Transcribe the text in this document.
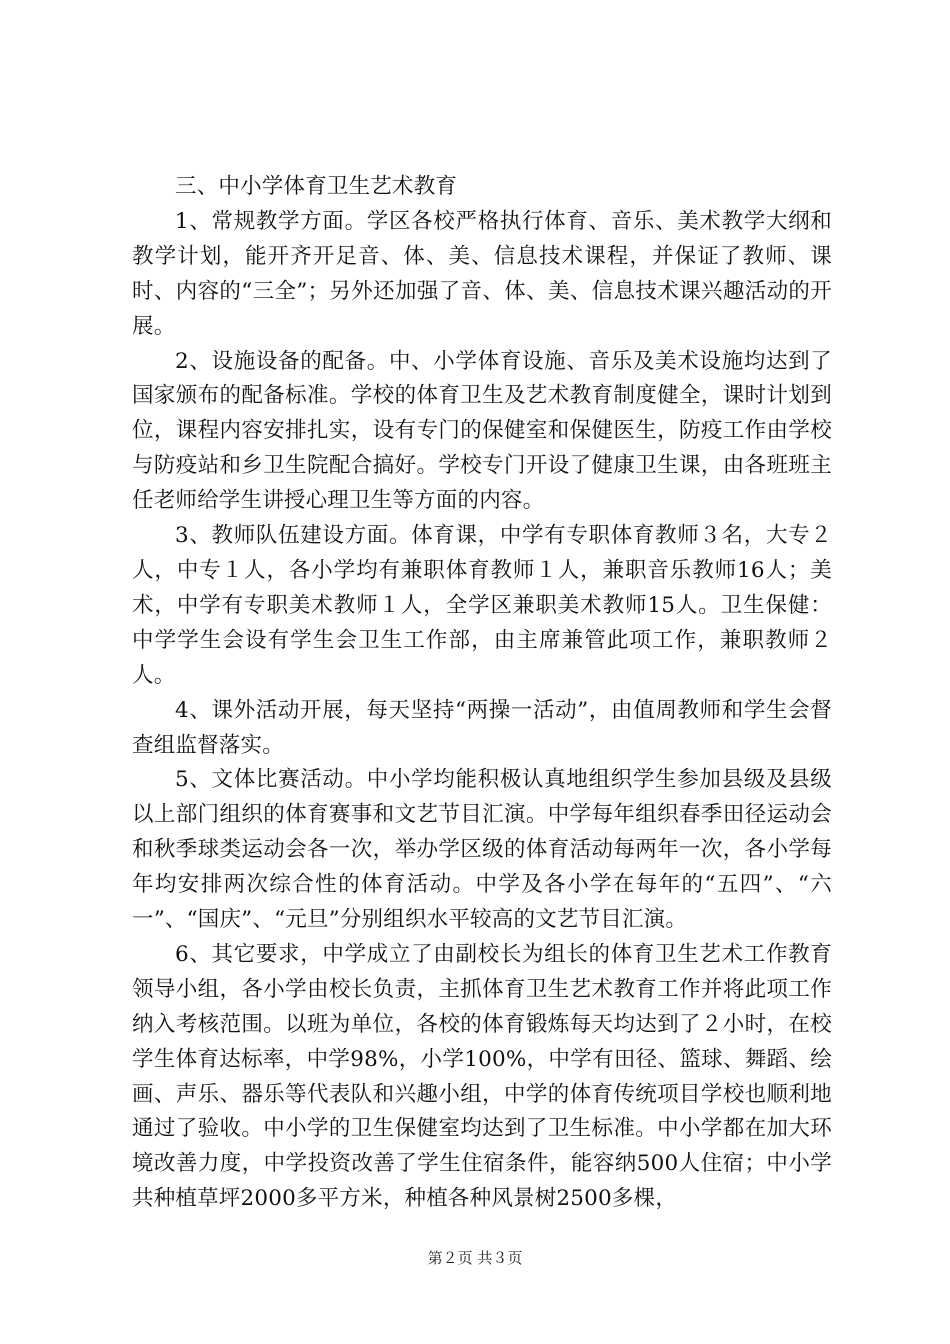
三、中小学体育卫生艺术教育

1、常规教学方面。学区各校严格执行体育、音乐、美术教学大纲和教学计划，能开齐开足音、体、美、信息技术课程，并保证了教师、课时、内容的“三全”；另外还加强了音、体、美、信息技术课兴趣活动的开展。

2、设施设备的配备。中、小学体育设施、音乐及美术设施均达到了国家颁布的配备标准。学校的体育卫生及艺术教育制度健全，课时计划到位，课程内容安排扎实，设有专门的保健室和保健医生，防疫工作由学校与防疫站和乡卫生院配合搞好。学校专门开设了健康卫生课，由各班班主任老师给学生讲授心理卫生等方面的内容。

3、教师队伍建设方面。体育课，中学有专职体育教师３名，大专２人，中专１人，各小学均有兼职体育教师１人，兼职音乐教师16人；美术，中学有专职美术教师１人，全学区兼职美术教师15人。卫生保健：中学学生会设有学生会卫生工作部，由主席兼管此项工作，兼职教师２人。

4、课外活动开展，每天坚持“两操一活动”，由值周教师和学生会督查组监督落实。

5、文体比赛活动。中小学均能积极认真地组织学生参加县级及县级以上部门组织的体育赛事和文艺节目汇演。中学每年组织春季田径运动会和秋季球类运动会各一次，举办学区级的体育活动每两年一次，各小学每年均安排两次综合性的体育活动。中学及各小学在每年的“五四”、“六一”、“国庆”、“元旦”分别组织水平较高的文艺节目汇演。

6、其它要求，中学成立了由副校长为组长的体育卫生艺术工作教育领导小组，各小学由校长负责，主抓体育卫生艺术教育工作并将此项工作纳入考核范围。以班为单位，各校的体育锻炼每天均达到了２小时，在校学生体育达标率，中学98%，小学100%，中学有田径、篮球、舞蹈、绘画、声乐、器乐等代表队和兴趣小组，中学的体育传统项目学校也顺利地通过了验收。中小学的卫生保健室均达到了卫生标准。中小学都在加大环境改善力度，中学投资改善了学生住宿条件，能容纳500人住宿；中小学共种植草坪2000多平方米，种植各种风景树2500多棵，

第２页 共３页
